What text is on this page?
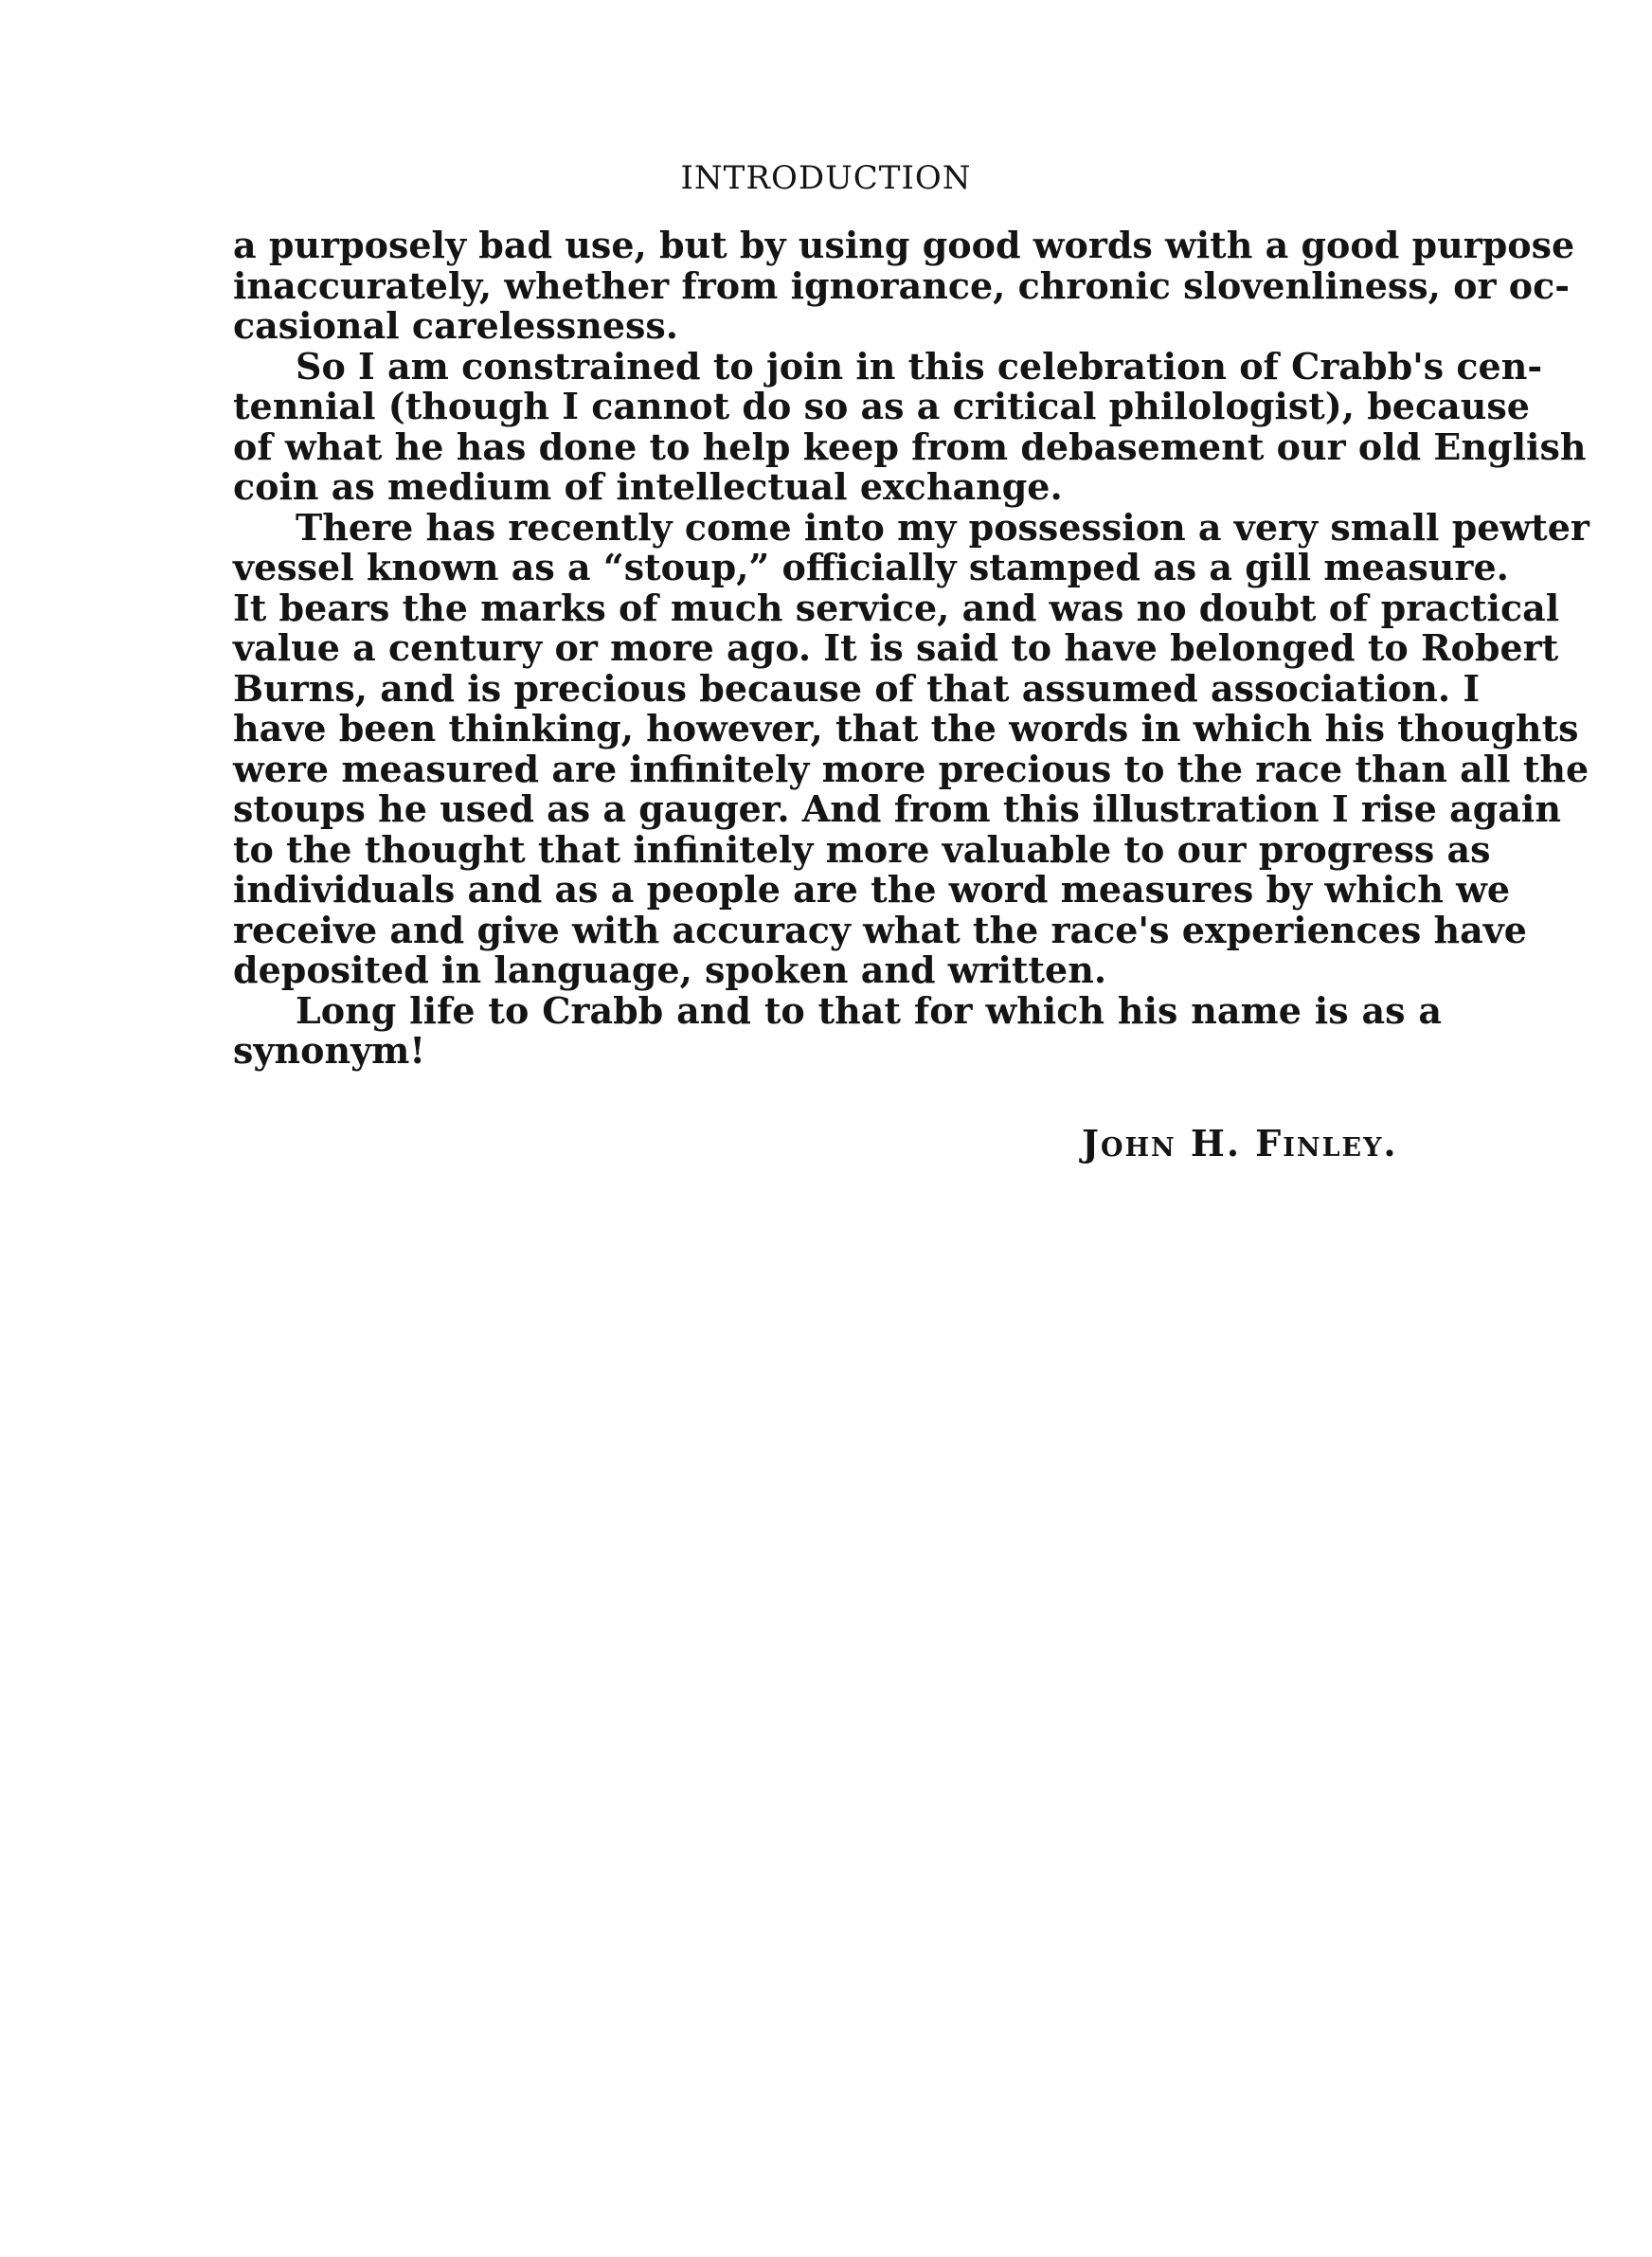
INTRODUCTION
a purposely bad use, but by using good words with a good purpose
inaccurately, whether from ignorance, chronic slovenliness, or oc-
casional carelessness.
So I am constrained to join in this celebration of Crabb's cen-
tennial (though I cannot do so as a critical philologist), because
of what he has done to help keep from debasement our old English
coin as medium of intellectual exchange.
There has recently come into my possession a very small pewter
vessel known as a “stoup,” officially stamped as a gill measure.
It bears the marks of much service, and was no doubt of practical
value a century or more ago. It is said to have belonged to Robert
Burns, and is precious because of that assumed association. I
have been thinking, however, that the words in which his thoughts
were measured are infinitely more precious to the race than all the
stoups he used as a gauger. And from this illustration I rise again
to the thought that infinitely more valuable to our progress as
individuals and as a people are the word measures by which we
receive and give with accuracy what the race's experiences have
deposited in language, spoken and written.
Long life to Crabb and to that for which his name is as a
synonym!
John H. Finley.
